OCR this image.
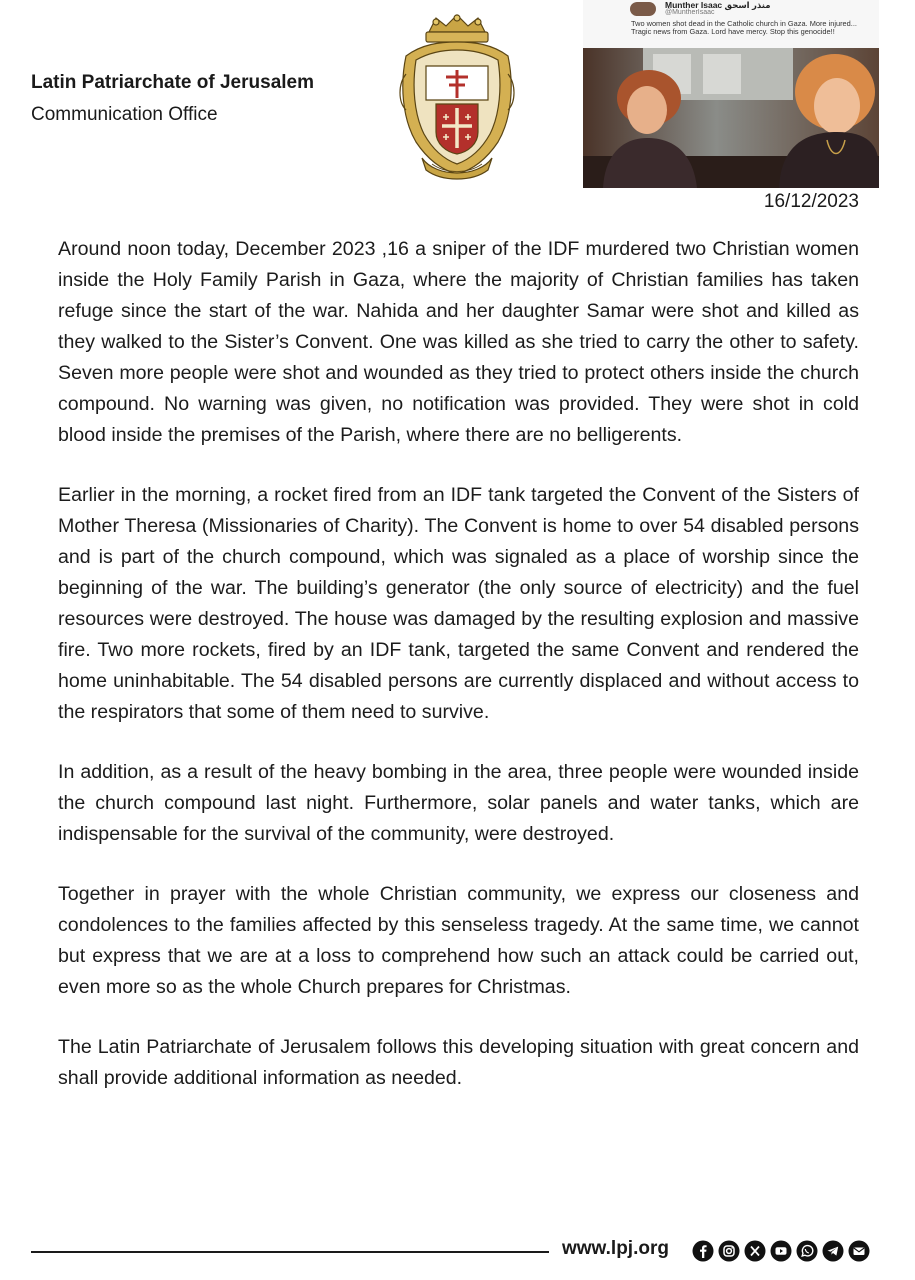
Latin Patriarchate of Jerusalem
Communication Office
Munther Isaac منذر اسحق
@MuntherIsaac
Two women shot dead in the Catholic church in Gaza. More injured... Tragic news from Gaza. Lord have mercy. Stop this genocide!!
16/12/2023

Around noon today, December 2023 ,16 a sniper of the IDF murdered two Christian women inside the Holy Family Parish in Gaza, where the majority of Christian families has taken refuge since the start of the war. Nahida and her daughter Samar were shot and killed as they walked to the Sister’s Convent. One was killed as she tried to carry the other to safety. Seven more people were shot and wounded as they tried to protect others inside the church compound. No warning was given, no notification was provided. They were shot in cold blood inside the premises of the Parish, where there are no belligerents.

Earlier in the morning, a rocket fired from an IDF tank targeted the Convent of the Sisters of Mother Theresa (Missionaries of Charity). The Convent is home to over 54 disabled persons and is part of the church compound, which was signaled as a place of worship since the beginning of the war. The building’s generator (the only source of electricity) and the fuel resources were destroyed. The house was damaged by the resulting explosion and massive fire. Two more rockets, fired by an IDF tank, targeted the same Convent and rendered the home uninhabitable. The 54 disabled persons are currently displaced and without access to the respirators that some of them need to survive.

In addition, as a result of the heavy bombing in the area, three people were wounded inside the church compound last night. Furthermore, solar panels and water tanks, which are indispensable for the survival of the community, were destroyed.

Together in prayer with the whole Christian community, we express our closeness and condolences to the families affected by this senseless tragedy. At the same time, we cannot but express that we are at a loss to comprehend how such an attack could be carried out, even more so as the whole Church prepares for Christmas.

The Latin Patriarchate of Jerusalem follows this developing situation with great concern and shall provide additional information as needed.

www.lpj.org
